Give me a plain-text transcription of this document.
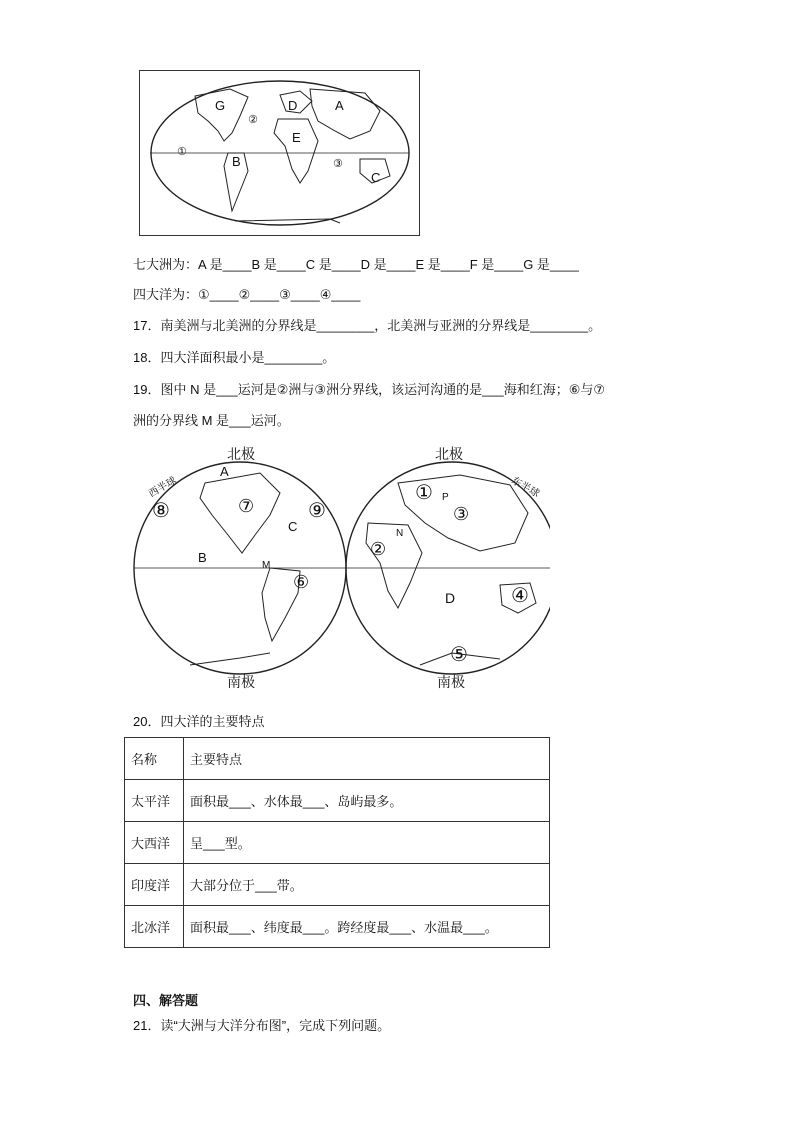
A
B
C
D
E
G
①
②
③
七大洲为：A 是____B 是____C 是____D 是____E 是____F 是____G 是____
四大洋为：①____②____③____④____
17．南美洲与北美洲的分界线是________，北美洲与亚洲的分界线是________。
18．四大洋面积最小是________。
19．图中 N 是___运河是②洲与③洲分界线，该运河沟通的是___海和红海；⑥与⑦
洲的分界线 M 是___运河。
北极
南极
西半球
A
B
C
M
⑥
⑦
⑧	⑨
北极
南极
东半球
①
②
③
④
⑤
D
N
P
20．四大洋的主要特点
名称	主要特点
太平洋	面积最___、水体最___、岛屿最多。
大西洋	呈___型。
印度洋	大部分位于___带。
北冰洋	面积最___、纬度最___。跨经度最___、水温最___。
四、解答题
21．读“大洲与大洋分布图”，完成下列问题。
